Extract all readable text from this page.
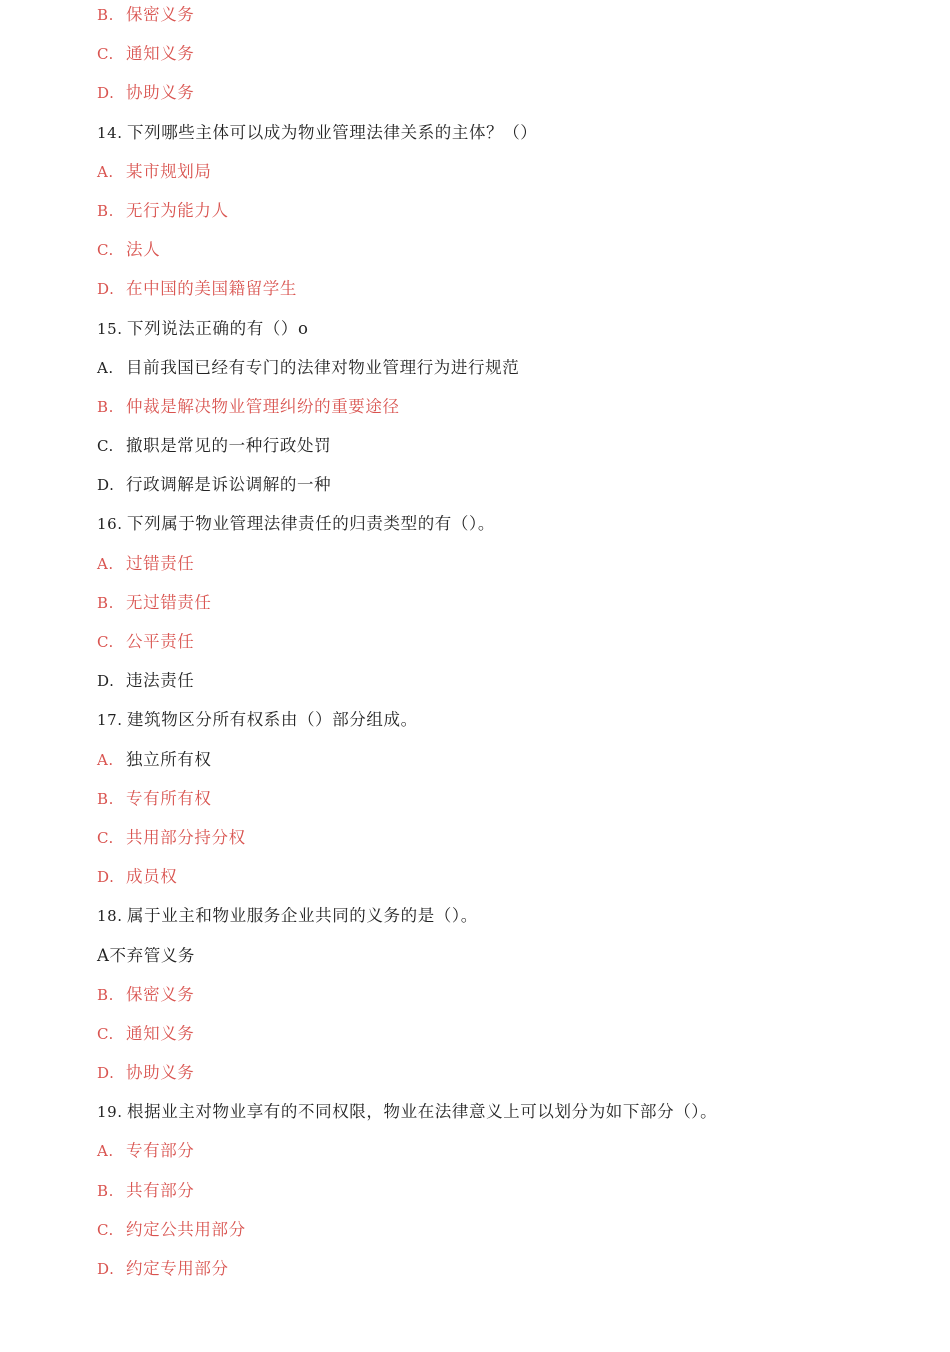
B. 保密义务
C. 通知义务
D. 协助义务
14. 下列哪些主体可以成为物业管理法律关系的主体？（）
A. 某市规划局
B. 无行为能力人
C. 法人
D. 在中国的美国籍留学生
15. 下列说法正确的有（）o
A. 目前我国已经有专门的法律对物业管理行为进行规范
B. 仲裁是解决物业管理纠纷的重要途径
C. 撤职是常见的一种行政处罚
D. 行政调解是诉讼调解的一种
16. 下列属于物业管理法律责任的归责类型的有（）。
A. 过错责任
B. 无过错责任
C. 公平责任
D. 违法责任
17. 建筑物区分所有权系由（）部分组成。
A. 独立所有权
B. 专有所有权
C. 共用部分持分权
D. 成员权
18. 属于业主和物业服务企业共同的义务的是（）。
A不弃管义务
B. 保密义务
C. 通知义务
D. 协助义务
19. 根据业主对物业享有的不同权限，物业在法律意义上可以划分为如下部分（）。
A. 专有部分
B. 共有部分
C. 约定公共用部分
D. 约定专用部分
